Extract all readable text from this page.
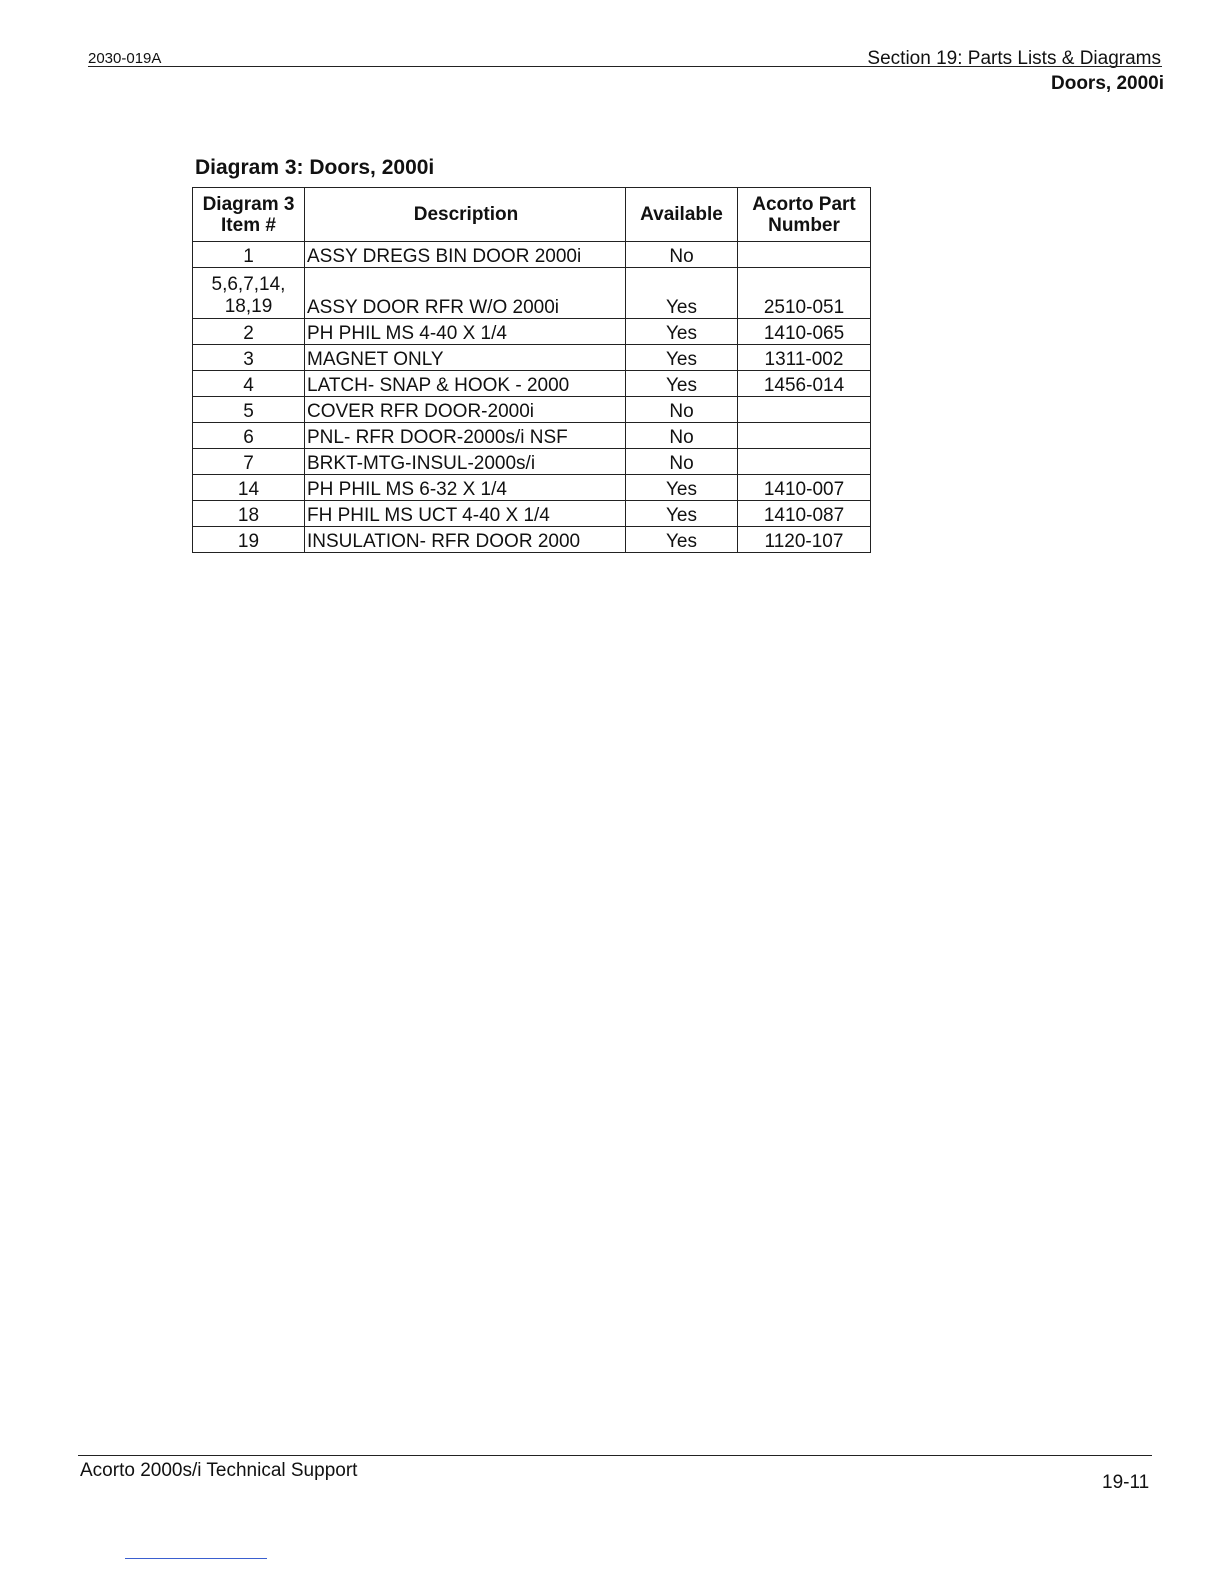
2030-019A	Section 19: Parts Lists & Diagrams
Doors, 2000i
Diagram 3: Doors, 2000i
Diagram 3
Item #	Description	Available	Acorto Part
Number
1	ASSY DREGS BIN DOOR 2000i	No	

5,6,7,14,
18,19	ASSY DOOR RFR W/O 2000i	Yes	2510-051
2	PH PHIL MS 4-40 X 1/4	Yes	1410-065
3	MAGNET ONLY	Yes	1311-002
4	LATCH- SNAP & HOOK - 2000	Yes	1456-014
5	COVER RFR DOOR-2000i	No	
6	PNL- RFR DOOR-2000s/i NSF	No	
7	BRKT-MTG-INSUL-2000s/i	No	
14	PH PHIL MS 6-32 X 1/4	Yes	1410-007
18	FH PHIL MS UCT 4-40 X 1/4	Yes	1410-087
19	INSULATION- RFR DOOR 2000	Yes	1120-107
Acorto 2000s/i Technical Support
19-11
